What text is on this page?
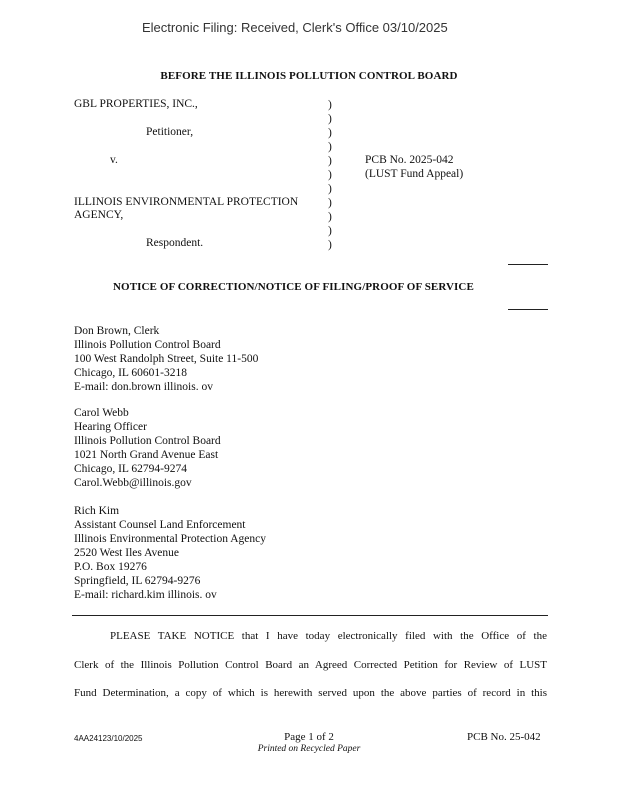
Electronic Filing: Received, Clerk's Office 03/10/2025
BEFORE THE ILLINOIS POLLUTION CONTROL BOARD
GBL PROPERTIES, INC.,
Petitioner,
v.
ILLINOIS ENVIRONMENTAL PROTECTION
AGENCY,
Respondent.
)
)
)
)
)
)
)
)
)
)
)
PCB No. 2025-042
(LUST Fund Appeal)
NOTICE OF CORRECTION/NOTICE OF FILING/PROOF OF SERVICE
Don Brown, Clerk
Illinois Pollution Control Board
100 West Randolph Street, Suite 11-500
Chicago, IL 60601-3218
E-mail: don.brown illinois. ov
Carol Webb
Hearing Officer
Illinois Pollution Control Board
1021 North Grand Avenue East
Chicago, IL 62794-9274
Carol.Webb@illinois.gov
Rich Kim
Assistant Counsel Land Enforcement
Illinois Environmental Protection Agency
2520 West Iles Avenue
P.O. Box 19276
Springfield, IL 62794-9276
E-mail: richard.kim illinois. ov
PLEASE TAKE NOTICE that I have today electronically filed with the Office of the
Clerk of the Illinois Pollution Control Board an Agreed Corrected Petition for Review of LUST
Fund Determination, a copy of which is herewith served upon the above parties of record in this
4AA24123/10/2025	Page 1 of 2
Printed on Recycled Paper
PCB No. 25-042
